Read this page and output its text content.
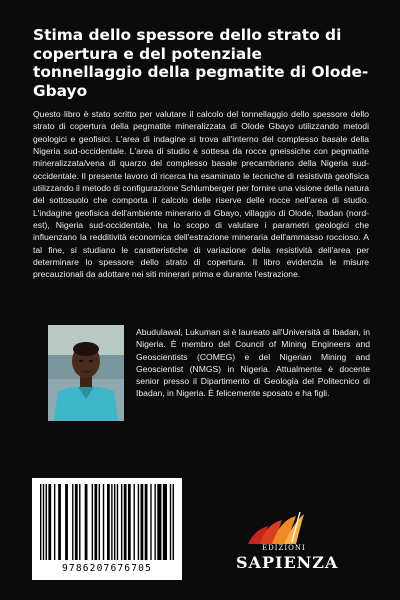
Stima dello spessore dello strato di copertura e del potenziale tonnellaggio della pegmatite di Olode-Gbayo

Questo libro è stato scritto per valutare il calcolo del tonnellaggio dello spessore dello strato di copertura della pegmatite mineralizzata di Olode Gbayo utilizzando metodi geologici e geofisici. L'area di indagine si trova all'interno del complesso basale della Nigeria sud-occidentale. L'area di studio è sottesa da rocce gneissiche con pegmatite mineralizzata/vena di quarzo del complesso basale precambriano della Nigeria sud-occidentale. Il presente lavoro di ricerca ha esaminato le tecniche di resistività geofisica utilizzando il metodo di configurazione Schlumberger per fornire una visione della natura del sottosuolo che comporta il calcolo delle riserve delle rocce nell'area di studio. L'indagine geofisica dell'ambiente minerario di Gbayo, villaggio di Olode, Ibadan (nord-est), Nigeria sud-occidentale, ha lo scopo di valutare i parametri geologici che influenzano la redditività economica dell'estrazione mineraria dell'ammasso roccioso. A tal fine, si studiano le caratteristiche di variazione della resistività dell'area per determinare lo spessore dello strato di copertura. Il libro evidenzia le misure precauzionali da adottare nei siti minerari prima e durante l'estrazione.

Abudulawal, Lukuman si è laureato all'Università di Ibadan, in Nigeria. È membro del Council of Mining Engineers and Geoscientists (COMEG) e del Nigerian Mining and Geoscientist (NMGS) in Nigeria. Attualmente è docente senior presso il Dipartimento di Geologia del Politecnico di Ibadan, in Nigeria. È felicemente sposato e ha figli.

9786207676705
EDIZIONI
SAPIENZA
